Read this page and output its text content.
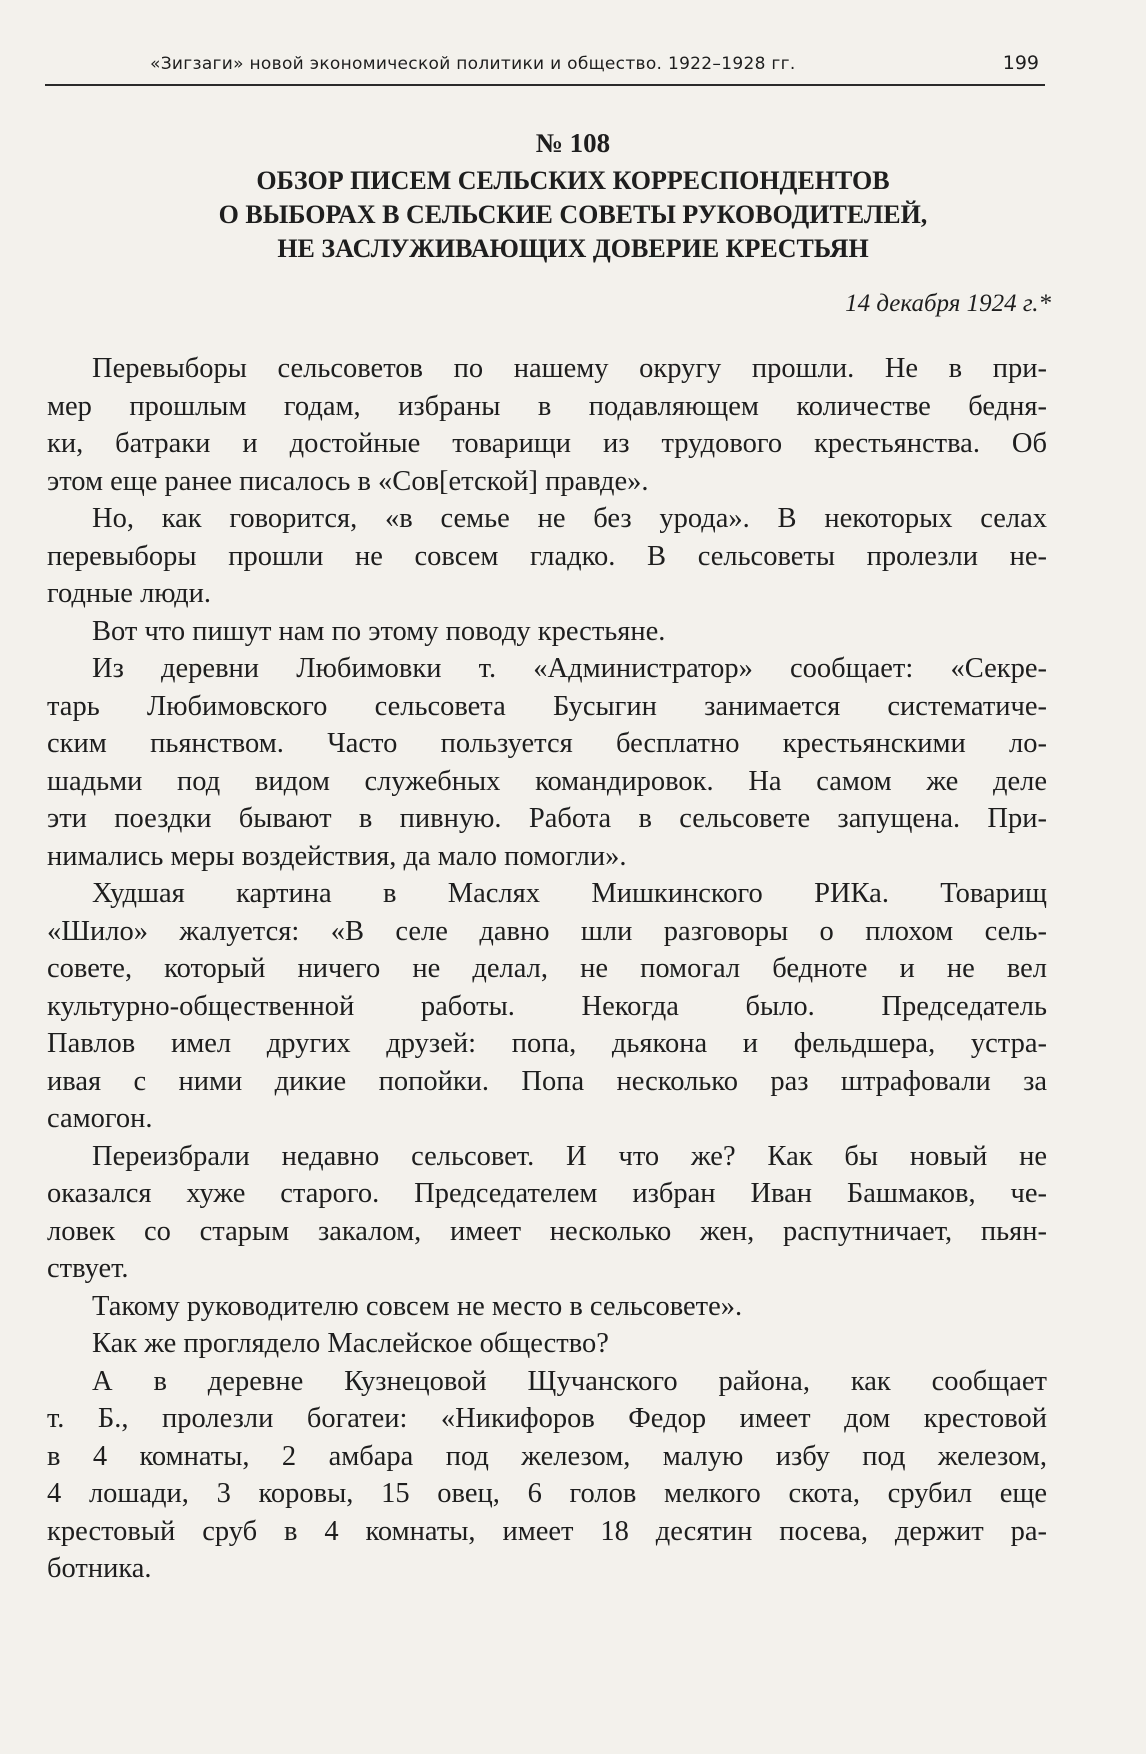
«Зигзаги» новой экономической политики и общество. 1922–1928 гг.	199
№ 108
ОБЗОР ПИСЕМ СЕЛЬСКИХ КОРРЕСПОНДЕНТОВ
О ВЫБОРАХ В СЕЛЬСКИЕ СОВЕТЫ РУКОВОДИТЕЛЕЙ,
НЕ ЗАСЛУЖИВАЮЩИХ ДОВЕРИЕ КРЕСТЬЯН
14 декабря 1924 г.*
Перевыборы сельсоветов по нашему округу прошли. Не в при-
мер прошлым годам, избраны в подавляющем количестве бедня-
ки, батраки и достойные товарищи из трудового крестьянства. Об
этом еще ранее писалось в «Сов[етской] правде».
Но, как говорится, «в семье не без урода». В некоторых селах
перевыборы прошли не совсем гладко. В сельсоветы пролезли не-
годные люди.
Вот что пишут нам по этому поводу крестьяне.
Из деревни Любимовки т. «Администратор» сообщает: «Секре-
тарь Любимовского сельсовета Бусыгин занимается систематиче-
ским пьянством. Часто пользуется бесплатно крестьянскими ло-
шадьми под видом служебных командировок. На самом же деле
эти поездки бывают в пивную. Работа в сельсовете запущена. При-
нимались меры воздействия, да мало помогли».
Худшая картина в Маслях Мишкинского РИКа. Товарищ
«Шило» жалуется: «В селе давно шли разговоры о плохом сель-
совете, который ничего не делал, не помогал бедноте и не вел
культурно-общественной работы. Некогда было. Председатель
Павлов имел других друзей: попа, дьякона и фельдшера, устра-
ивая с ними дикие попойки. Попа несколько раз штрафовали за
самогон.
Переизбрали недавно сельсовет. И что же? Как бы новый не
оказался хуже старого. Председателем избран Иван Башмаков, че-
ловек со старым закалом, имеет несколько жен, распутничает, пьян-
ствует.
Такому руководителю совсем не место в сельсовете».
Как же проглядело Маслейское общество?
А в деревне Кузнецовой Щучанского района, как сообщает
т. Б., пролезли богатеи: «Никифоров Федор имеет дом крестовой
в 4 комнаты, 2 амбара под железом, малую избу под железом,
4 лошади, 3 коровы, 15 овец, 6 голов мелкого скота, срубил еще
крестовый сруб в 4 комнаты, имеет 18 десятин посева, держит ра-
ботника.
